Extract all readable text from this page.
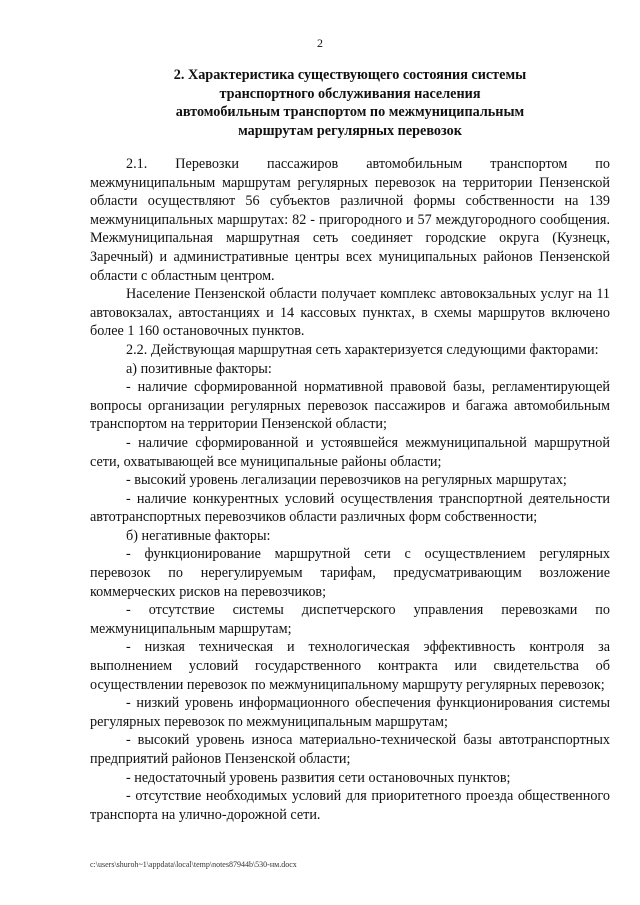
2
2. Характеристика существующего состояния системы
транспортного обслуживания населения
автомобильным транспортом по межмуниципальным
маршрутам регулярных перевозок

2.1. Перевозки пассажиров автомобильным транспортом по межмуниципальным маршрутам регулярных перевозок на территории Пензенской области осуществляют 56 субъектов различной формы собственности на 139 межмуниципальных маршрутах: 82 - пригородного и 57 междугородного сообщения. Межмуниципальная маршрутная сеть соединяет городские округа (Кузнецк, Заречный) и административные центры всех муниципальных районов Пензенской области с областным центром.

Население Пензенской области получает комплекс автовокзальных услуг на 11 автовокзалах, автостанциях и 14 кассовых пунктах, в схемы маршрутов включено более 1 160 остановочных пунктов.

2.2. Действующая маршрутная сеть характеризуется следующими факторами:

а) позитивные факторы:

- наличие сформированной нормативной правовой базы, регламентирующей вопросы организации регулярных перевозок пассажиров и багажа автомобильным транспортом на территории Пензенской области;

- наличие сформированной и устоявшейся межмуниципальной маршрутной сети, охватывающей все муниципальные районы области;

- высокий уровень легализации перевозчиков на регулярных маршрутах;

- наличие конкурентных условий осуществления транспортной деятельности автотранспортных перевозчиков области различных форм собственности;

б) негативные факторы:

- функционирование маршрутной сети с осуществлением регулярных перевозок по нерегулируемым тарифам, предусматривающим возложение коммерческих рисков на перевозчиков;

- отсутствие системы диспетчерского управления перевозками по межмуниципальным маршрутам;

- низкая техническая и технологическая эффективность контроля за выполнением условий государственного контракта или свидетельства об осуществлении перевозок по межмуниципальному маршруту регулярных перевозок;

- низкий уровень информационного обеспечения функционирования системы регулярных перевозок по межмуниципальным маршрутам;

- высокий уровень износа материально-технической базы автотранспортных предприятий районов Пензенской области;

- недостаточный уровень развития сети остановочных пунктов;

- отсутствие необходимых условий для приоритетного проезда общественного транспорта на улично-дорожной сети.

c:\users\shuroh~1\appdata\local\temp\notes87944b\530-нм.docx
